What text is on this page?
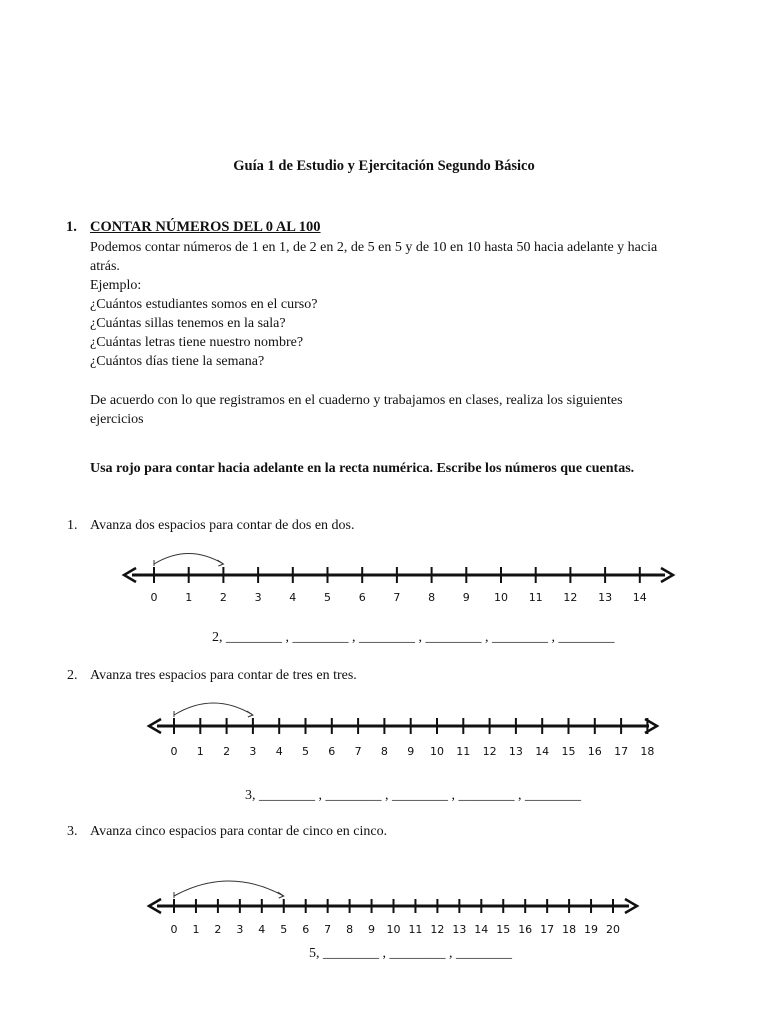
Guía 1 de Estudio y Ejercitación Segundo Básico
1. CONTAR NÚMEROS DEL 0 AL 100
Podemos contar números de 1 en 1, de 2 en 2, de 5 en 5 y de 10 en 10 hasta 50 hacia adelante y hacia
atrás.
Ejemplo:
¿Cuántos estudiantes somos en el curso?
¿Cuántas sillas tenemos en la sala?
¿Cuántas letras tiene nuestro nombre?
¿Cuántos días tiene la semana?
De acuerdo con lo que registramos en el cuaderno y trabajamos en clases, realiza los siguientes
ejercicios
Usa rojo para contar hacia adelante en la recta numérica. Escribe los números que cuentas.
1. Avanza dos espacios para contar de dos en dos.
0	1	2	3	4	5	6	7	8	9 10 11 12 13 14
2, ________ , ________ , ________ , ________ , ________ , ________
2. Avanza tres espacios para contar de tres en tres.
0 1 2 3 4 5 6 7 8 9 10 11 12 13 14 15 16 17 18
3, ________ , ________ , ________ , ________ , ________
3. Avanza cinco espacios para contar de cinco en cinco.
0 1 2 3 4 5 6 7 8 9 10 11 12 13 14 15 16 17 18 19 20
5, ________ , ________ , ________
